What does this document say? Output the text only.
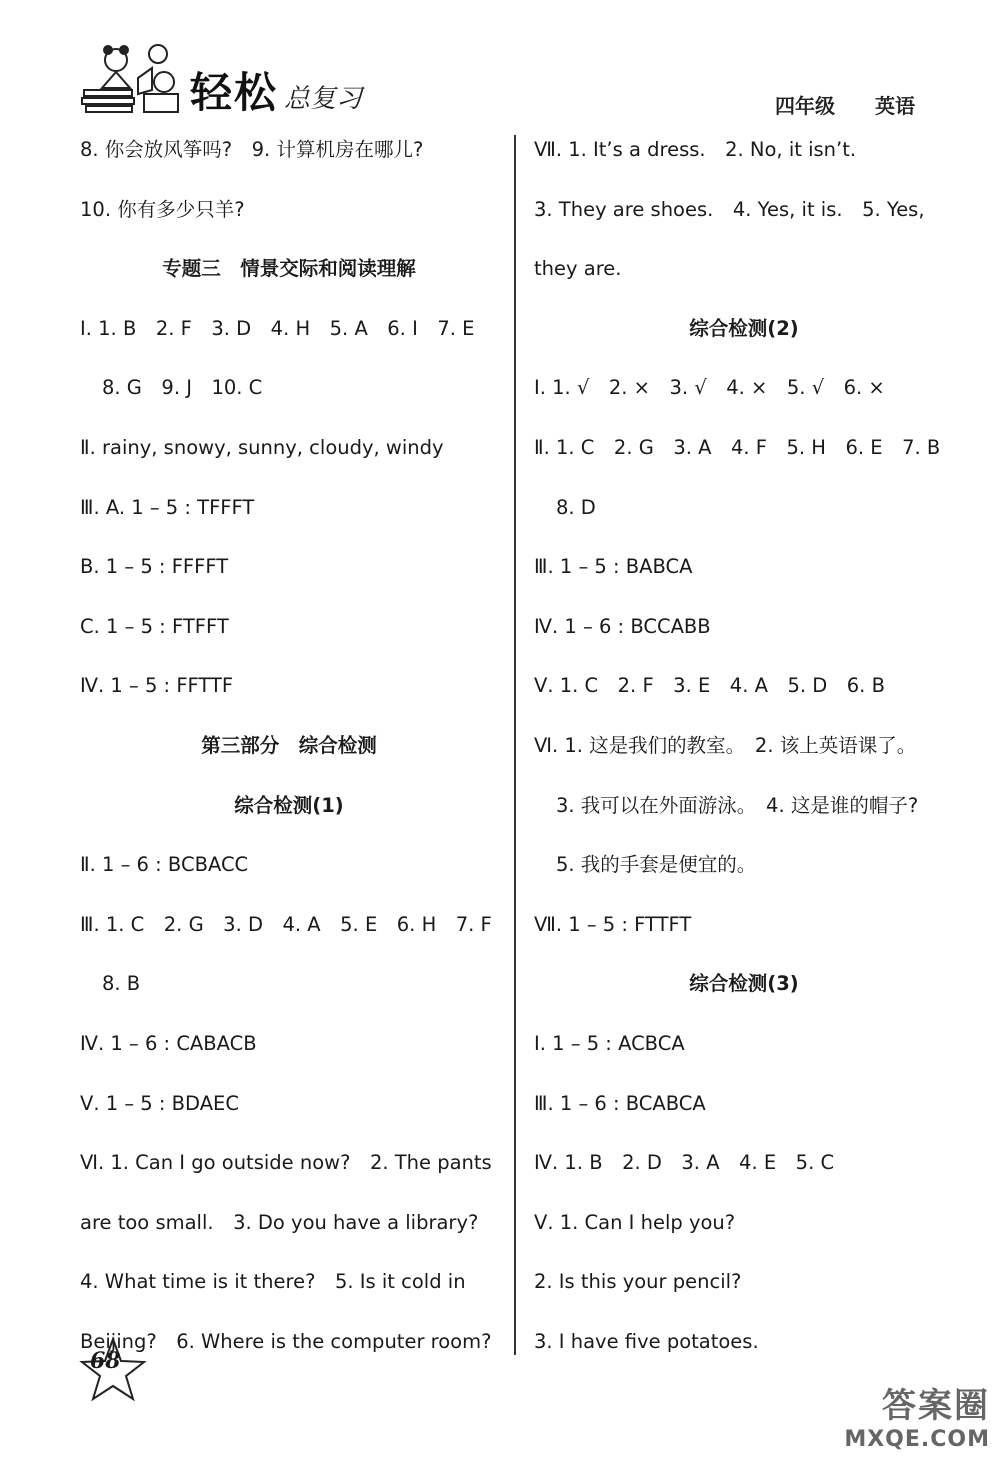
轻松 总复习	四年级 英语
8. 你会放风筝吗?　9. 计算机房在哪儿?
10. 你有多少只羊?
专题三　情景交际和阅读理解
Ⅰ. 1. B　2. F　3. D　4. H　5. A　6. I　7. E
8. G　9. J　10. C
Ⅱ. rainy, snowy, sunny, cloudy, windy
Ⅲ. A. 1 – 5 : TFFFT
B. 1 – 5 : FFFFT
C. 1 – 5 : FTFFT
Ⅳ. 1 – 5 : FFTTF
第三部分　综合检测
综合检测(1)
Ⅱ. 1 – 6 : BCBACC
Ⅲ. 1. C　2. G　3. D　4. A　5. E　6. H　7. F
8. B
Ⅳ. 1 – 6 : CABACB
Ⅴ. 1 – 5 : BDAEC
Ⅵ. 1. Can I go outside now?　2. The pants
are too small.　3. Do you have a library?
4. What time is it there?　5. Is it cold in
Beijing?　6. Where is the computer room?
Ⅶ. 1. It’s a dress.　2. No, it isn’t.
3. They are shoes.　4. Yes, it is.　5. Yes,
they are.
综合检测(2)
Ⅰ. 1. √　2. ×　3. √　4. ×　5. √　6. ×
Ⅱ. 1. C　2. G　3. A　4. F　5. H　6. E　7. B
8. D
Ⅲ. 1 – 5 : BABCA
Ⅳ. 1 – 6 : BCCABB
Ⅴ. 1. C　2. F　3. E　4. A　5. D　6. B
Ⅵ. 1. 这是我们的教室。　2. 该上英语课了。
3. 我可以在外面游泳。　4. 这是谁的帽子?
5. 我的手套是便宜的。
Ⅶ. 1 – 5 : FTTFT
综合检测(3)
Ⅰ. 1 – 5 : ACBCA
Ⅲ. 1 – 6 : BCABCA
Ⅳ. 1. B　2. D　3. A　4. E　5. C
Ⅴ. 1. Can I help you?
2. Is this your pencil?
3. I have five potatoes.
68
答案圈
MXQE.COM
